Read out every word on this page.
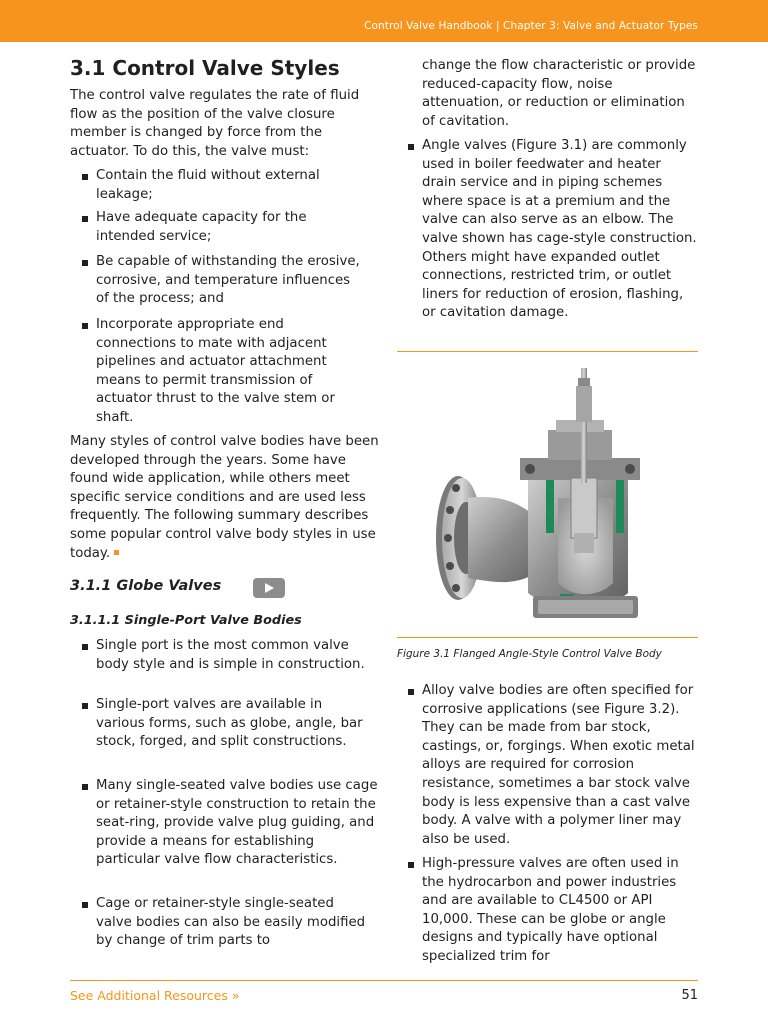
Control Valve Handbook | Chapter 3: Valve and Actuator Types
3.1 Control Valve Styles

The control valve regulates the rate of fluid flow as the position of the valve closure member is changed by force from the actuator. To do this, the valve must:

Contain the fluid without external leakage;
Have adequate capacity for the intended service;
Be capable of withstanding the erosive, corrosive, and temperature influences of the process; and
Incorporate appropriate end connections to mate with adjacent pipelines and actuator attachment means to permit transmission of actuator thrust to the valve stem or shaft.

Many styles of control valve bodies have been developed through the years. Some have found wide application, while others meet specific service conditions and are used less frequently. The following summary describes some popular control valve body styles in use today.

3.1.1 Globe Valves
3.1.1.1 Single-Port Valve Bodies
Single port is the most common valve body style and is simple in construction.
Single-port valves are available in various forms, such as globe, angle, bar stock, forged, and split constructions.
Many single-seated valve bodies use cage or retainer-style construction to retain the seat-ring, provide valve plug guiding, and provide a means for establishing particular valve flow characteristics.
Cage or retainer-style single-seated valve bodies can also be easily modified by change of trim parts to

change the flow characteristic or provide reduced-capacity flow, noise attenuation, or reduction or elimination of cavitation.

Angle valves (Figure 3.1) are commonly used in boiler feedwater and heater drain service and in piping schemes where space is at a premium and the valve can also serve as an elbow. The valve shown has cage-style construction. Others might have expanded outlet connections, restricted trim, or outlet liners for reduction of erosion, flashing, or cavitation damage.

Figure 3.1 Flanged Angle-Style Control Valve Body

Alloy valve bodies are often specified for corrosive applications (see Figure 3.2). They can be made from bar stock, castings, or, forgings. When exotic metal alloys are required for corrosion resistance, sometimes a bar stock valve body is less expensive than a cast valve body. A valve with a polymer liner may also be used.
High-pressure valves are often used in the hydrocarbon and power industries and are available to CL4500 or API 10,000. These can be globe or angle designs and typically have optional specialized trim for
See Additional Resources »	51
